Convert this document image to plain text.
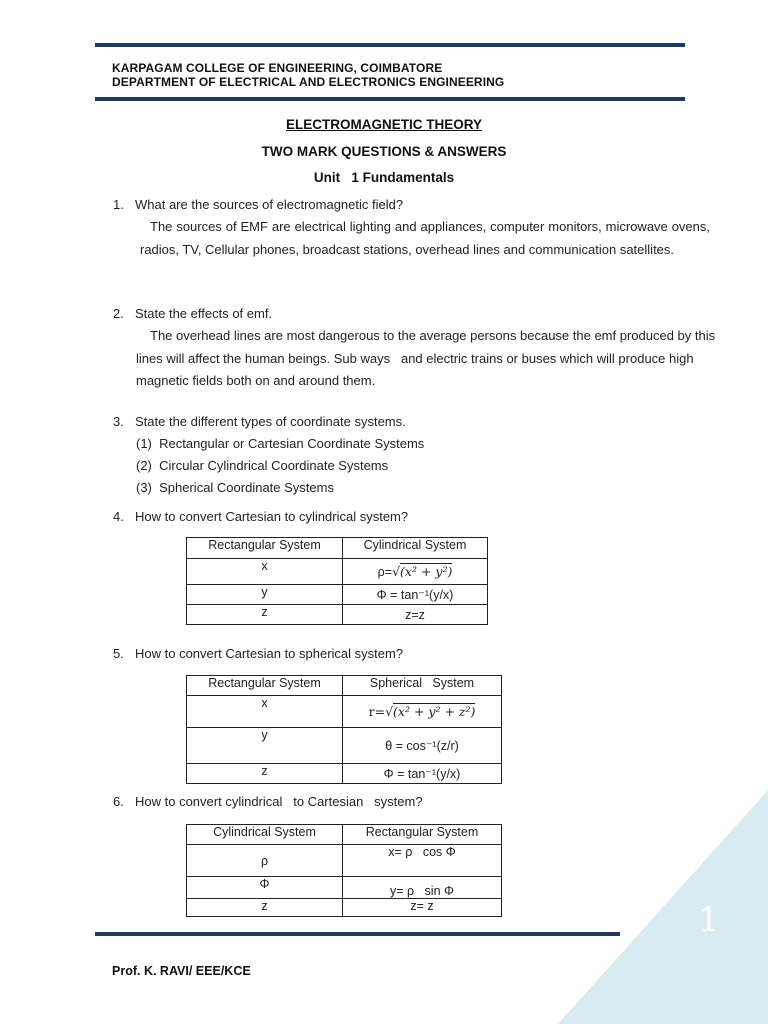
KARPAGAM COLLEGE OF ENGINEERING, COIMBATORE
DEPARTMENT OF ELECTRICAL AND ELECTRONICS ENGINEERING
ELECTROMAGNETIC THEORY
TWO MARK QUESTIONS & ANSWERS
Unit   1 Fundamentals
1. What are the sources of electromagnetic field?
The sources of EMF are electrical lighting and appliances, computer monitors, microwave ovens, radios, TV, Cellular phones, broadcast stations, overhead lines and communication satellites.
2. State the effects of emf.
The overhead lines are most dangerous to the average persons because the emf produced by this lines will affect the human beings. Sub ways   and electric trains or buses which will produce high magnetic fields both on and around them.
3. State the different types of coordinate systems.
(1)  Rectangular or Cartesian Coordinate Systems
(2)  Circular Cylindrical Coordinate Systems
(3)  Spherical Coordinate Systems
4. How to convert Cartesian to cylindrical system?
Rectangular System	Cylindrical System
x	ρ=√(x² + y²)
y	Φ = tan⁻¹(y/x)
z	z=z
5. How to convert Cartesian to spherical system?
Rectangular System	Spherical   System
x	r=√(x² + y² + z²)
y	θ = cos⁻¹(z/r)
z	Φ = tan⁻¹(y/x)
6. How to convert cylindrical   to Cartesian   system?
Cylindrical System	Rectangular System
ρ	x= ρ   cos Φ
Φ	y= ρ   sin Φ
z	z= z	1
Prof. K. RAVI/ EEE/KCE
